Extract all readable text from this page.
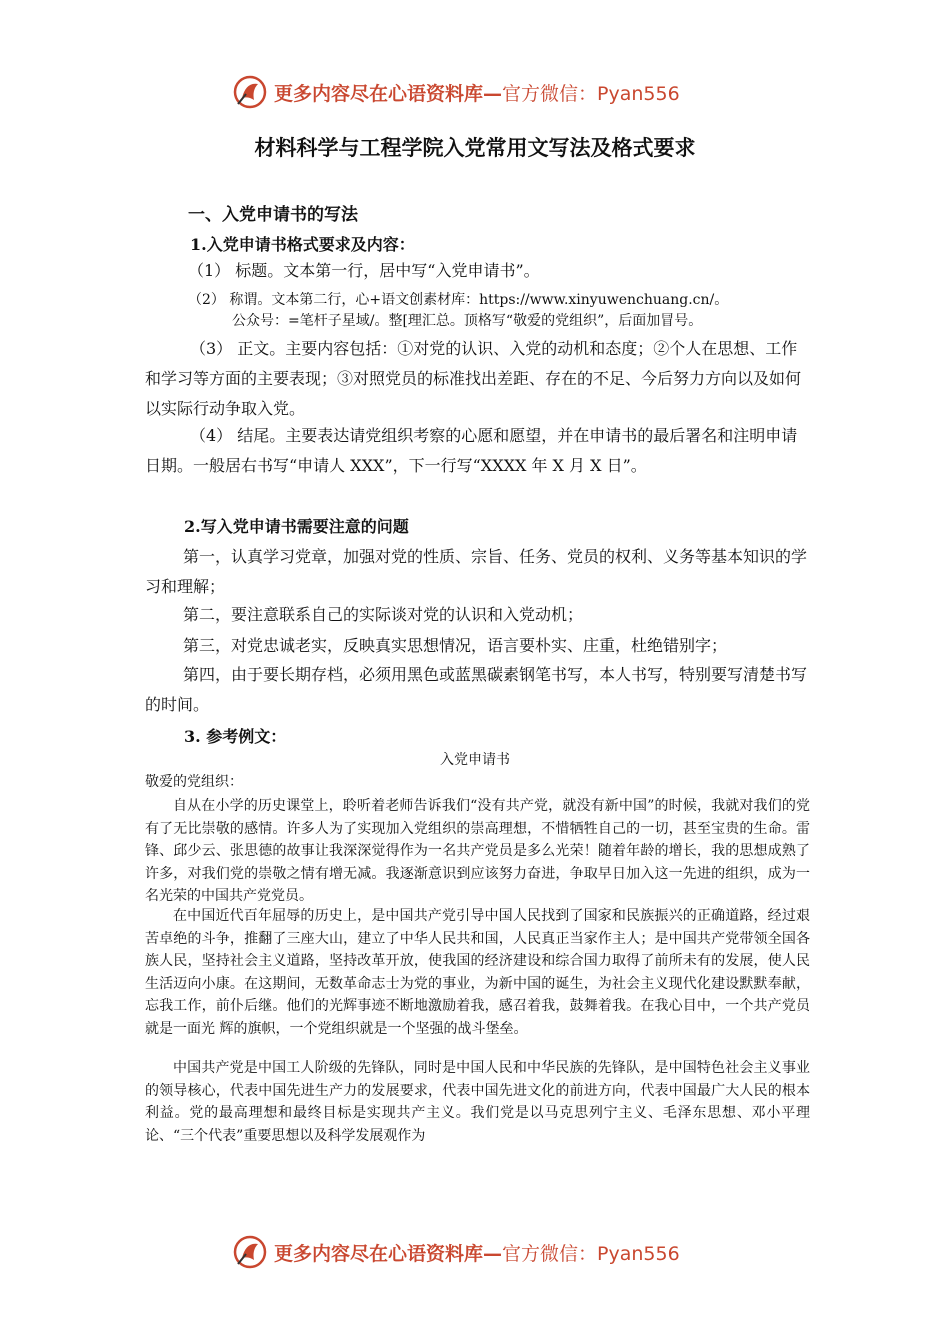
更多内容尽在心语资料库—官方微信：Pyan556
材料科学与工程学院入党常用文写法及格式要求
一、入党申请书的写法
1.入党申请书格式要求及内容：
（1） 标题。文本第一行，居中写“入党申请书”。
（2） 称谓。文本第二行，心+语文创素材库：https://www.xinyuwenchuang.cn/。
公众号：=笔杆子星域/。整[理汇总。顶格写“敬爱的党组织”，后面加冒号。
（3） 正文。主要内容包括：①对党的认识、入党的动机和态度；②个人在思想、工作和学习等方面的主要表现；③对照党员的标准找出差距、存在的不足、今后努力方向以及如何以实际行动争取入党。
（4） 结尾。主要表达请党组织考察的心愿和愿望，并在申请书的最后署名和注明申请日期。一般居右书写“申请人 XXX”，下一行写“XXXX 年 X 月 X 日”。
2.写入党申请书需要注意的问题
第一，认真学习党章，加强对党的性质、宗旨、任务、党员的权利、义务等基本知识的学习和理解；
第二，要注意联系自己的实际谈对党的认识和入党动机；
第三，对党忠诚老实，反映真实思想情况，语言要朴实、庄重，杜绝错别字；
第四，由于要长期存档，必须用黑色或蓝黑碳素钢笔书写，本人书写，特别要写清楚书写的时间。
3. 参考例文：
入党申请书
敬爱的党组织：
自从在小学的历史课堂上，聆听着老师告诉我们“没有共产党，就没有新中国”的时候，我就对我们的党有了无比崇敬的感情。许多人为了实现加入党组织的崇高理想，不惜牺牲自己的一切，甚至宝贵的生命。雷锋、邱少云、张思德的故事让我深深觉得作为一名共产党员是多么光荣！随着年龄的增长，我的思想成熟了许多，对我们党的崇敬之情有增无减。我逐渐意识到应该努力奋进，争取早日加入这一先进的组织，成为一名光荣的中国共产党党员。
在中国近代百年屈辱的历史上，是中国共产党引导中国人民找到了国家和民族振兴的正确道路，经过艰苦卓绝的斗争，推翻了三座大山，建立了中华人民共和国，人民真正当家作主人；是中国共产党带领全国各族人民，坚持社会主义道路，坚持改革开放，使我国的经济建设和综合国力取得了前所未有的发展，使人民生活迈向小康。在这期间，无数革命志士为党的事业，为新中国的诞生，为社会主义现代化建设默默奉献，忘我工作，前仆后继。他们的光辉事迹不断地激励着我，感召着我，鼓舞着我。在我心目中，一个共产党员就是一面光 辉的旗帜，一个党组织就是一个坚强的战斗堡垒。
中国共产党是中国工人阶级的先锋队，同时是中国人民和中华民族的先锋队，是中国特色社会主义事业的领导核心，代表中国先进生产力的发展要求，代表中国先进文化的前进方向，代表中国最广大人民的根本利益。党的最高理想和最终目标是实现共产主义。我们党是以马克思列宁主义、毛泽东思想、邓小平理论、“三个代表”重要思想以及科学发展观作为
更多内容尽在心语资料库—官方微信：Pyan556
